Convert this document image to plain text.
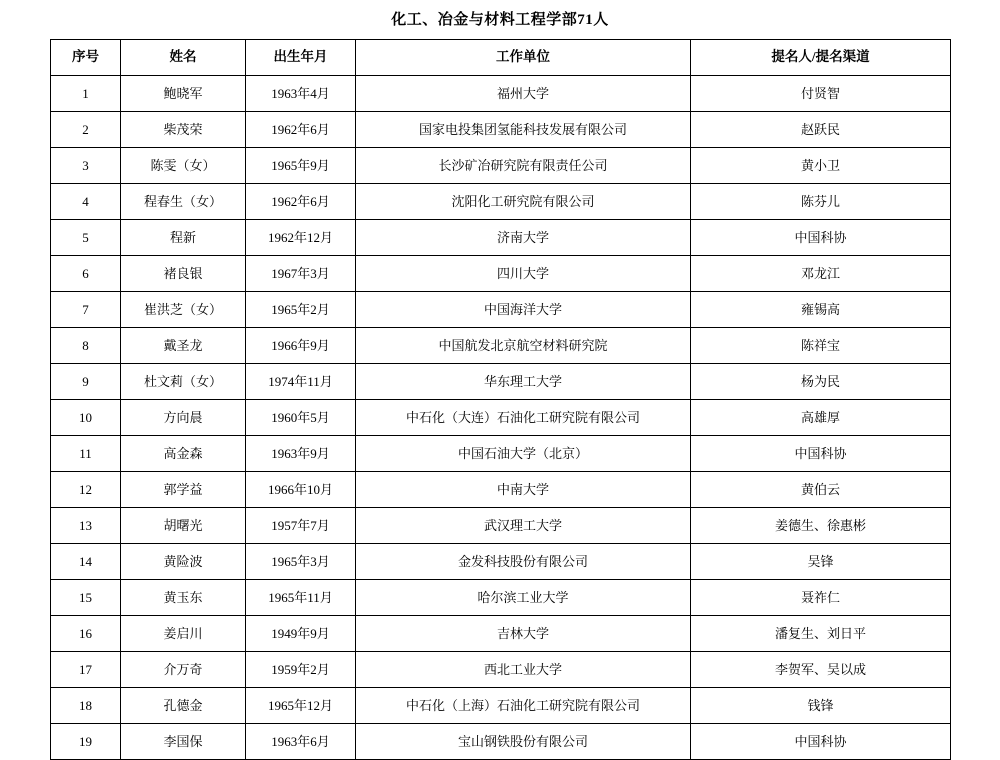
化工、冶金与材料工程学部71人
序号	姓名	出生年月	工作单位	提名人/提名渠道
1	鲍晓军	1963年4月	福州大学	付贤智
2	柴茂荣	1962年6月	国家电投集团氢能科技发展有限公司	赵跃民
3	陈雯（女）	1965年9月	长沙矿冶研究院有限责任公司	黄小卫
4	程春生（女）	1962年6月	沈阳化工研究院有限公司	陈芬儿
5	程新	1962年12月	济南大学	中国科协
6	褚良银	1967年3月	四川大学	邓龙江
7	崔洪芝（女）	1965年2月	中国海洋大学	雍锡高
8	戴圣龙	1966年9月	中国航发北京航空材料研究院	陈祥宝
9	杜文莉（女）	1974年11月	华东理工大学	杨为民
10	方向晨	1960年5月	中石化（大连）石油化工研究院有限公司	高雄厚
11	高金森	1963年9月	中国石油大学（北京）	中国科协
12	郭学益	1966年10月	中南大学	黄伯云
13	胡曙光	1957年7月	武汉理工大学	姜德生、徐惠彬
14	黄险波	1965年3月	金发科技股份有限公司	吴锋
15	黄玉东	1965年11月	哈尔滨工业大学	聂祚仁
16	姜启川	1949年9月	吉林大学	潘复生、刘日平
17	介万奇	1959年2月	西北工业大学	李贺军、吴以成
18	孔德金	1965年12月	中石化（上海）石油化工研究院有限公司	钱锋
19	李国保	1963年6月	宝山钢铁股份有限公司	中国科协
